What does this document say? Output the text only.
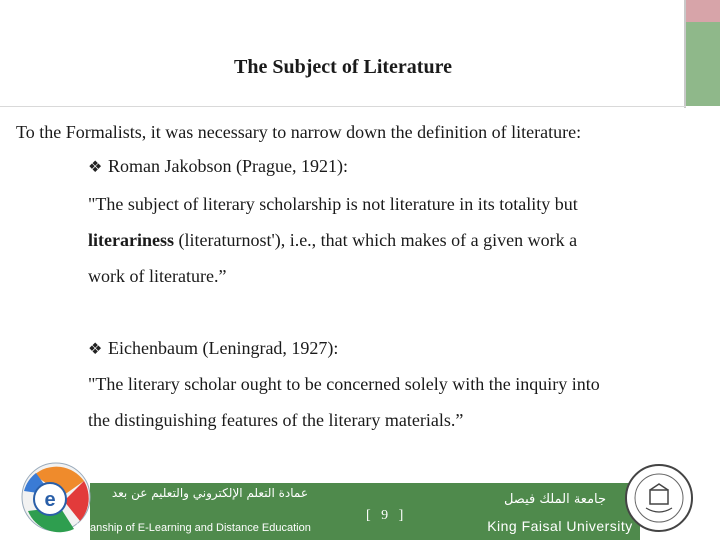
The Subject of Literature
To the Formalists, it was necessary to narrow down the definition of literature:
❖ Roman Jakobson (Prague, 1921):
"The subject of literary scholarship is not literature in its totality but
literariness (literaturnost'), i.e., that which makes of a given work a
work of literature.”
❖ Eichenbaum (Leningrad, 1927):
"The literary scholar ought to be concerned solely with the inquiry into
the distinguishing features of the literary materials.”
e	عمادة التعلم الإلكتروني والتعليم عن بعد
Deanship of E-Learning and Distance Education
[   9   ]
جامعة الملك فيصل
King Faisal University
